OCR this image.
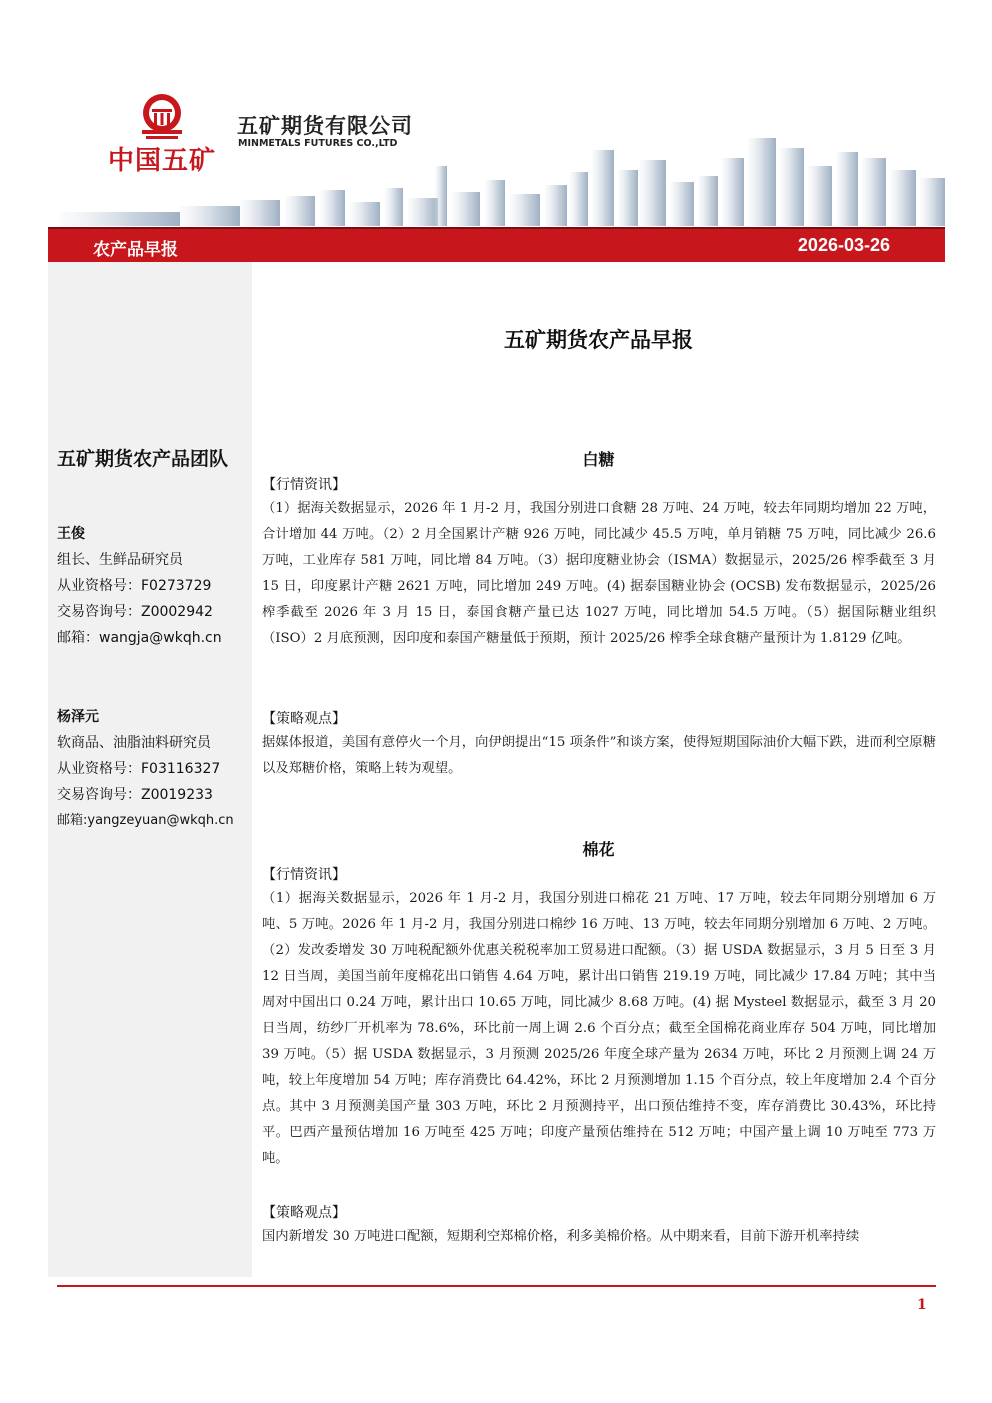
中国五矿
五矿期货有限公司
MINMETALS FUTURES CO.,LTD
农产品早报	2026-03-26
五矿期货农产品团队
王俊
组长、生鲜品研究员
从业资格号：F0273729
交易咨询号：Z0002942
邮箱：wangja@wkqh.cn
杨泽元
软商品、油脂油料研究员
从业资格号：F03116327
交易咨询号：Z0019233
邮箱:yangzeyuan@wkqh.cn
五矿期货农产品早报
白糖
【行情资讯】

（1）据海关数据显示，2026 年 1 月-2 月，我国分别进口食糖 28 万吨、24 万吨，较去年同期均增加 22 万吨，合计增加 44 万吨。（2）2 月全国累计产糖 926 万吨，同比减少 45.5 万吨，单月销糖 75 万吨，同比减少 26.6 万吨，工业库存 581 万吨，同比增 84 万吨。（3）据印度糖业协会（ISMA）数据显示，2025/26 榨季截至 3 月 15 日，印度累计产糖 2621 万吨，同比增加 249 万吨。(4) 据泰国糖业协会 (OCSB) 发布数据显示，2025/26 榨季截至 2026 年 3 月 15 日，泰国食糖产量已达 1027 万吨，同比增加 54.5 万吨。（5）据国际糖业组织（ISO）2 月底预测，因印度和泰国产糖量低于预期，预计 2025/26 榨季全球食糖产量预计为 1.8129 亿吨。

【策略观点】

据媒体报道，美国有意停火一个月，向伊朗提出“15 项条件”和谈方案，使得短期国际油价大幅下跌，进而利空原糖以及郑糖价格，策略上转为观望。

棉花
【行情资讯】

（1）据海关数据显示，2026 年 1 月-2 月，我国分别进口棉花 21 万吨、17 万吨，较去年同期分别增加 6 万吨、5 万吨。2026 年 1 月-2 月，我国分别进口棉纱 16 万吨、13 万吨，较去年同期分别增加 6 万吨、2 万吨。（2）发改委增发 30 万吨税配额外优惠关税税率加工贸易进口配额。（3）据 USDA 数据显示，3 月 5 日至 3 月 12 日当周，美国当前年度棉花出口销售 4.64 万吨，累计出口销售 219.19 万吨，同比减少 17.84 万吨；其中当周对中国出口 0.24 万吨，累计出口 10.65 万吨，同比减少 8.68 万吨。(4) 据 Mysteel 数据显示，截至 3 月 20 日当周，纺纱厂开机率为 78.6%，环比前一周上调 2.6 个百分点；截至全国棉花商业库存 504 万吨，同比增加 39 万吨。（5）据 USDA 数据显示，3 月预测 2025/26 年度全球产量为 2634 万吨，环比 2 月预测上调 24 万吨，较上年度增加 54 万吨；库存消费比 64.42%，环比 2 月预测增加 1.15 个百分点，较上年度增加 2.4 个百分点。其中 3 月预测美国产量 303 万吨，环比 2 月预测持平，出口预估维持不变，库存消费比 30.43%，环比持平。巴西产量预估增加 16 万吨至 425 万吨；印度产量预估维持在 512 万吨；中国产量上调 10 万吨至 773 万吨。

【策略观点】

国内新增发 30 万吨进口配额，短期利空郑棉价格，利多美棉价格。从中期来看，目前下游开机率持续

1
